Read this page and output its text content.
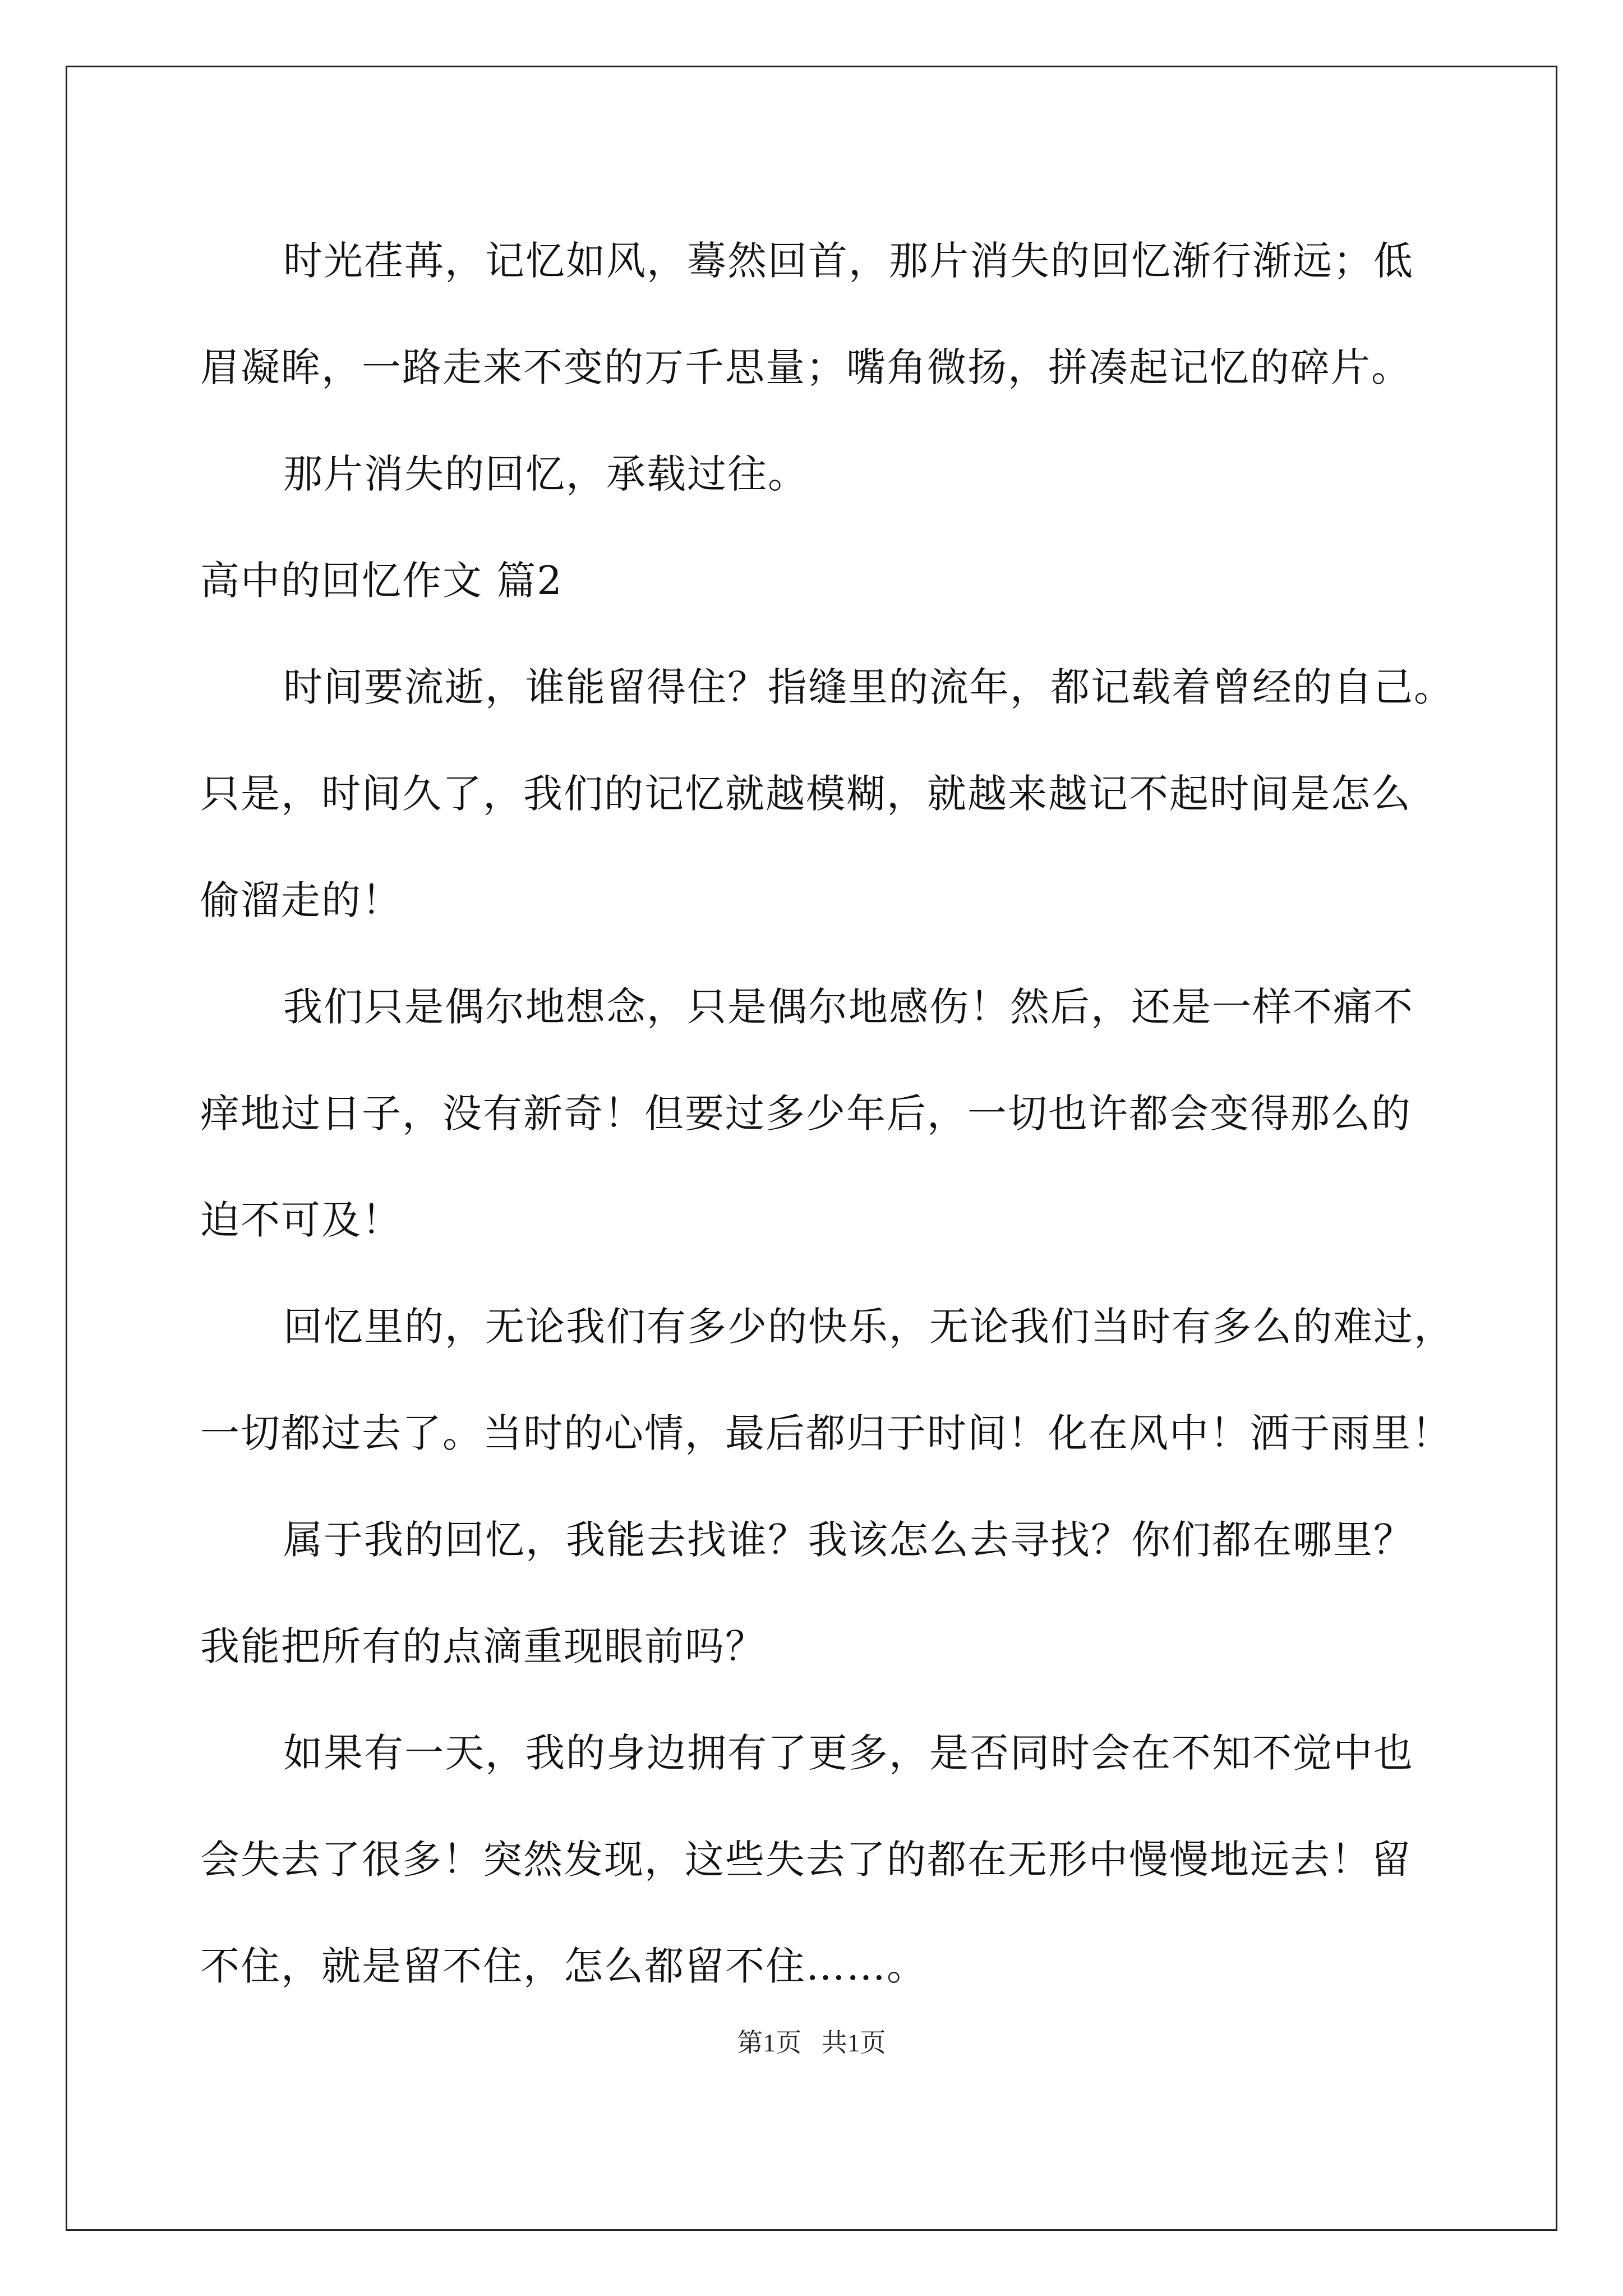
时光荏苒，记忆如风，蓦然回首，那片消失的回忆渐行渐远；低

眉凝眸，一路走来不变的万千思量；嘴角微扬，拼凑起记忆的碎片。

那片消失的回忆，承载过往。

高中的回忆作文 篇2

时间要流逝，谁能留得住？指缝里的流年，都记载着曾经的自己。

只是，时间久了，我们的记忆就越模糊，就越来越记不起时间是怎么

偷溜走的！

我们只是偶尔地想念，只是偶尔地感伤！然后，还是一样不痛不

痒地过日子，没有新奇！但要过多少年后，一切也许都会变得那么的

迫不可及！

回忆里的，无论我们有多少的快乐，无论我们当时有多么的难过，

一切都过去了。当时的心情，最后都归于时间！化在风中！洒于雨里！

属于我的回忆，我能去找谁？我该怎么去寻找？你们都在哪里？

我能把所有的点滴重现眼前吗？

如果有一天，我的身边拥有了更多，是否同时会在不知不觉中也

会失去了很多！突然发现，这些失去了的都在无形中慢慢地远去！留

不住，就是留不住，怎么都留不住……。

第1页 共1页
